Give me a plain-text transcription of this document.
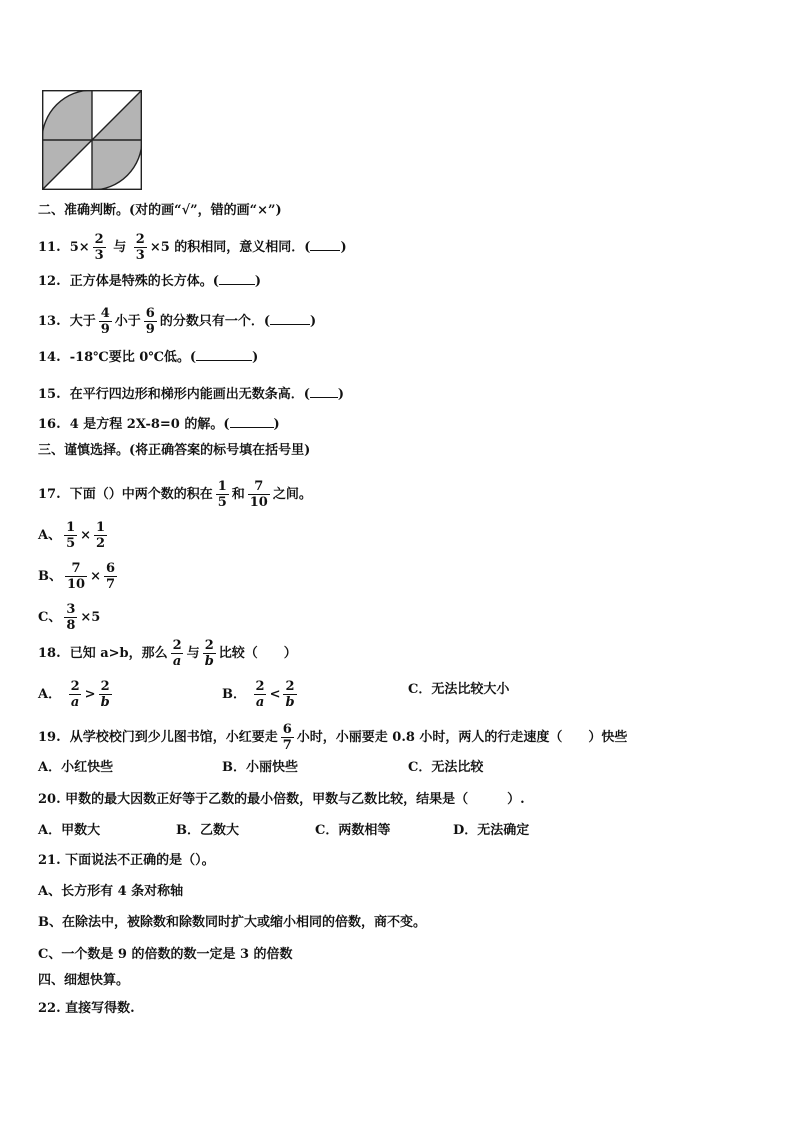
二、准确判断。(对的画“√”，错的画“×”)
11. $5\times \frac{2}{3}$ 与 $\frac{2}{3} \times 5$ 的积相同，意义相同．( )
12. 正方体是特殊的长方体。(	)
13. 大于 $\frac{4}{9}$ 小于 $\frac{6}{9}$ 的分数只有一个．(	)
14. -18℃要比 0℃低。(	)
15. 在平行四边形和梯形内能画出无数条高．( )
16. 4 是方程 2X-8=0 的解。(	)
三、谨慎选择。(将正确答案的标号填在括号里)
17. 下面（）中两个数的积在 $\frac{1}{5}$ 和 $\frac{7}{10}$ 之间。
A、 $\frac{1}{5} \times \frac{1}{2}$
B、 $\frac{7}{10} \times \frac{6}{7}$
C、 $\frac{3}{8} \times 5$
18. 已知 a>b，那么 $\frac{2}{a}$ 与 $\frac{2}{b}$ 比较（　　）
A． $\frac{2}{a} > \frac{2}{b}$	B． $\frac{2}{a} < \frac{2}{b}$	C．无法比较大小
19. 从学校校门到少儿图书馆，小红要走 $\frac{6}{7}$ 小时，小丽要走 0.8 小时，两人的行走速度（　　）快些
A．小红快些	B．小丽快些	C．无法比较
20. 甲数的最大因数正好等于乙数的最小倍数，甲数与乙数比较，结果是（　　　）.
A．甲数大	B．乙数大	C．两数相等	D．无法确定
21. 下面说法不正确的是（）。
A、长方形有 4 条对称轴
B、在除法中，被除数和除数同时扩大或缩小相同的倍数，商不变。
C、一个数是 9 的倍数的数一定是 3 的倍数
四、细想快算。
22. 直接写得数.
